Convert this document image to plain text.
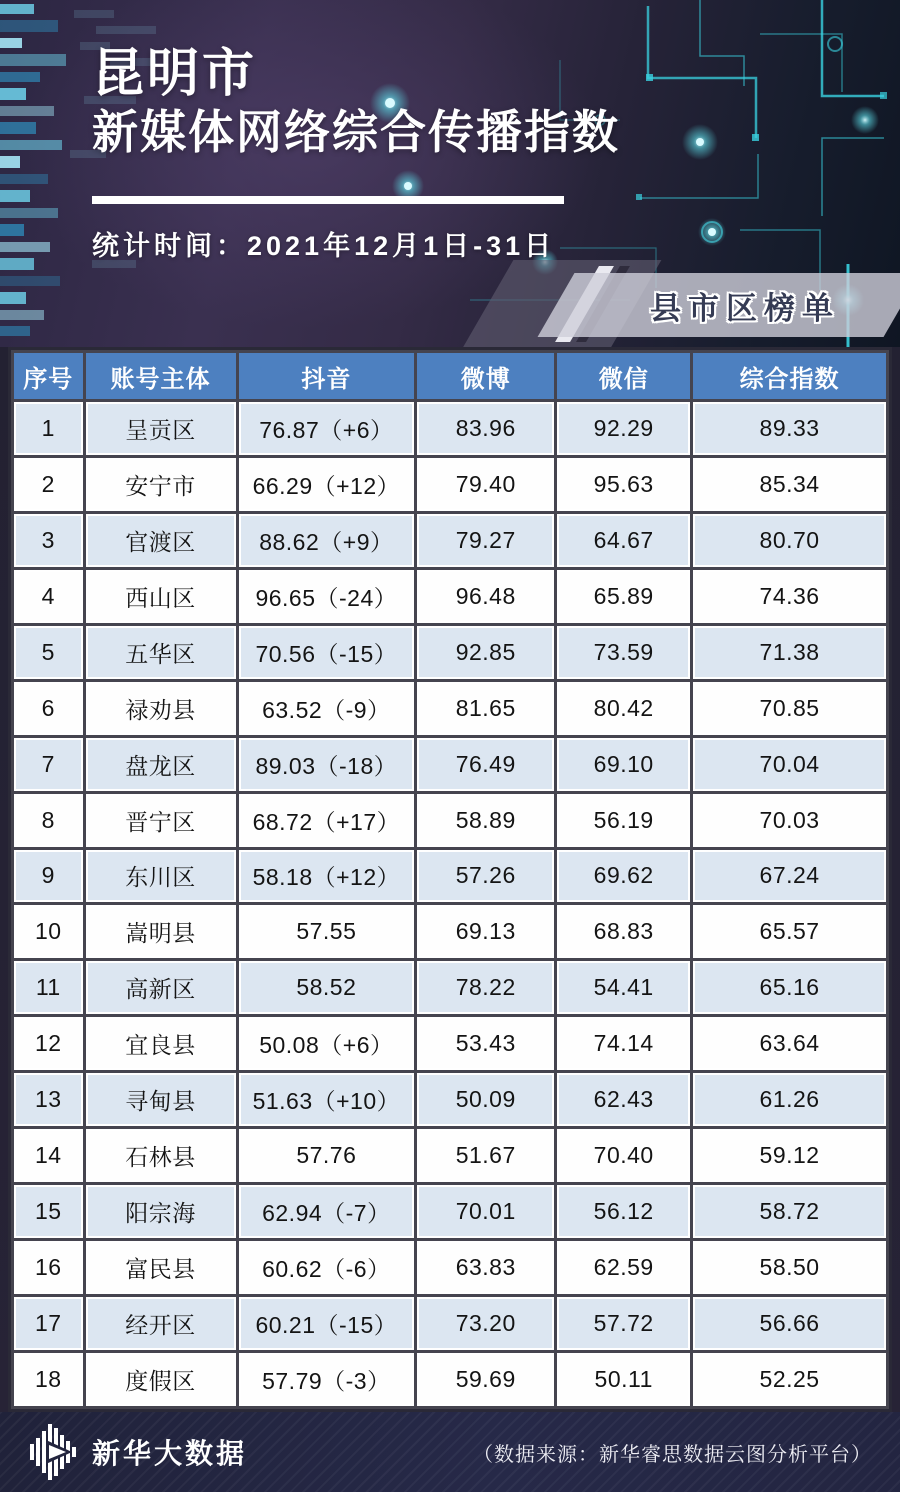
昆明市
新媒体网络综合传播指数
统计时间：2021年12月1日-31日
县市区榜单
序号	账号主体	抖音	微博	微信	综合指数
1	呈贡区	76.87（+6）	83.96	92.29	89.33
2	安宁市	66.29（+12）	79.40	95.63	85.34
3	官渡区	88.62（+9）	79.27	64.67	80.70
4	西山区	96.65（-24）	96.48	65.89	74.36
5	五华区	70.56（-15）	92.85	73.59	71.38
6	禄劝县	63.52（-9）	81.65	80.42	70.85
7	盘龙区	89.03（-18）	76.49	69.10	70.04
8	晋宁区	68.72（+17）	58.89	56.19	70.03
9	东川区	58.18（+12）	57.26	69.62	67.24
10	嵩明县	57.55	69.13	68.83	65.57
11	高新区	58.52	78.22	54.41	65.16
12	宜良县	50.08（+6）	53.43	74.14	63.64
13	寻甸县	51.63（+10）	50.09	62.43	61.26
14	石林县	57.76	51.67	70.40	59.12
15	阳宗海	62.94（-7）	70.01	56.12	58.72
16	富民县	60.62（-6）	63.83	62.59	58.50
17	经开区	60.21（-15）	73.20	57.72	56.66
18	度假区	57.79（-3）	59.69	50.11	52.25
新华大数据	（数据来源：新华睿思数据云图分析平台）
